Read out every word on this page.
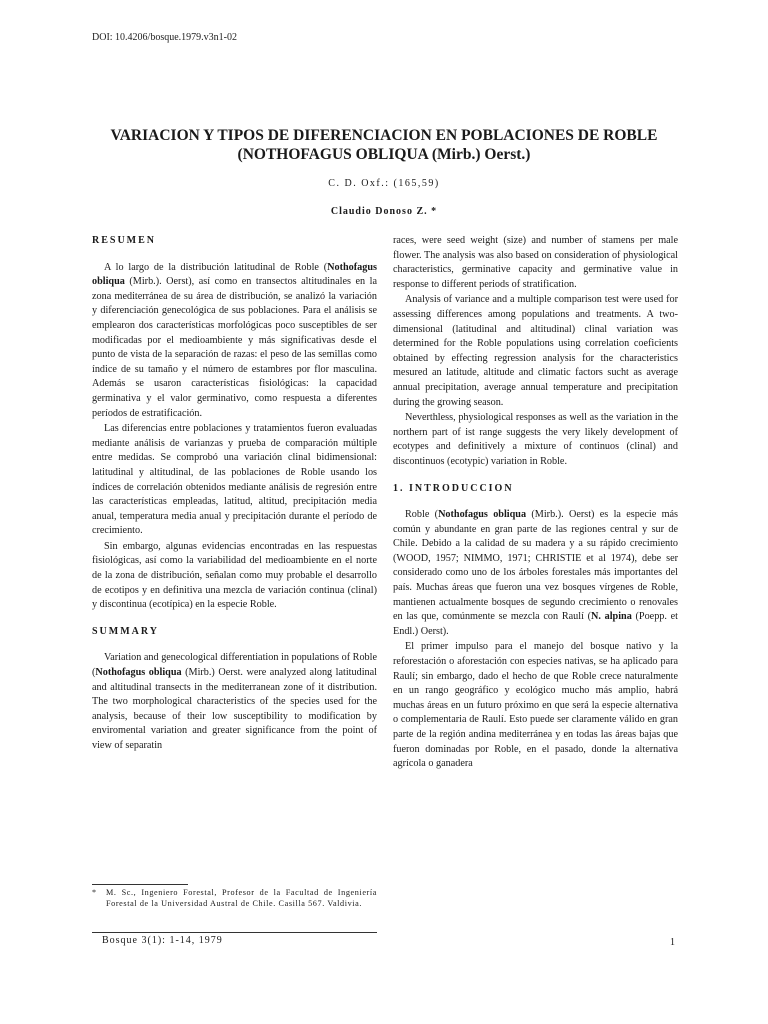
DOI: 10.4206/bosque.1979.v3n1-02
VARIACION Y TIPOS DE DIFERENCIACION EN POBLACIONES DE ROBLE
(NOTHOFAGUS OBLIQUA (Mirb.) Oerst.)
C. D. Oxf.: (165,59)
Claudio Donoso Z. *
RESUMEN

A lo largo de la distribución latitudinal de Roble (Nothofagus obliqua (Mirb.). Oerst), así como en transectos altitudinales en la zona mediterránea de su área de distribución, se analizó la variación y diferenciación genecológica de sus poblaciones. Para el análisis se emplearon dos características morfológicas poco susceptibles de ser modificadas por el medioambiente y más significativas desde el punto de vista de la separación de razas: el peso de las semillas como índice de su tamaño y el número de estambres por flor masculina. Además se usaron características fisiológicas: la capacidad germinativa y el valor germinativo, como respuesta a diferentes períodos de estratificación.

Las diferencias entre poblaciones y tratamientos fueron evaluadas mediante análisis de varianzas y prueba de comparación múltiple entre medidas. Se comprobó una variación clinal bidimensional: latitudinal y altitudinal, de las poblaciones de Roble usando los índices de correlación obtenidos mediante análisis de regresión entre las características empleadas, latitud, altitud, precipitación media anual, temperatura media anual y precipitación durante el período de crecimiento.

Sin embargo, algunas evidencias encontradas en las respuestas fisiológicas, así como la variabilidad del medioambiente en el norte de la zona de distribución, señalan como muy probable el desarrollo de ecotipos y en definitiva una mezcla de variación continua (clinal) y discontinua (ecotípica) en la especie Roble.

SUMMARY

Variation and genecological differentiation in populations of Roble (Nothofagus obliqua (Mirb.) Oerst. were analyzed along latitudinal and altitudinal transects in the mediterranean zone of it distribution. The two morphological characteristics of the species used for the analysis, because of their low susceptibility to modification by enviromental variation and greater significance from the point of view of separatin

races, were seed weight (size) and number of stamens per male flower. The analysis was also based on consideration of physiological characteristics, germinative capacity and germinative value in response to different periods of stratification.

Analysis of variance and a multiple comparison test were used for assessing differences among populations and treatments. A two-dimensional (latitudinal and altitudinal) clinal variation was determined for the Roble populations using correlation coeficients obtained by effecting regression analysis for the characteristics mesured an latitude, altitude and climatic factors sucht as average annual precipitation, average annual temperature and precipitation during the growing season.

Neverthless, physiological responses as well as the variation in the northern part of ist range suggests the very likely development of ecotypes and definitively a mixture of continuos (clinal) and discontinuos (ecotypic) variation in Roble.

1. INTRODUCCION

Roble (Nothofagus obliqua (Mirb.). Oerst) es la especie más común y abundante en gran parte de las regiones central y sur de Chile. Debido a la calidad de su madera y a su rápido crecimiento (WOOD, 1957; NIMMO, 1971; CHRISTIE et al 1974), debe ser considerado como uno de los árboles forestales más importantes del país. Muchas áreas que fueron una vez bosques vírgenes de Roble, mantienen actualmente bosques de segundo crecimiento o renovales en las que, comúnmente se mezcla con Raulí (N. alpina (Poepp. et Endl.) Oerst).

El primer impulso para el manejo del bosque nativo y la reforestación o aforestación con especies nativas, se ha aplicado para Raulí; sin embargo, dado el hecho de que Roble crece naturalmente en un rango geográfico y ecológico mucho más amplio, habrá muchas áreas en un futuro próximo en que será la especie alternativa o complementaria de Raulí. Esto puede ser claramente válido en gran parte de la región andina mediterránea y en todas las áreas bajas que fueron dominadas por Roble, en el pasado, donde la alternativa agrícola o ganadera

*	M. Sc., Ingeniero Forestal, Profesor de la Facultad de Ingeniería Forestal de la Universidad Austral de Chile. Casilla 567. Valdivia.
Bosque 3(1): 1-14, 1979	1
